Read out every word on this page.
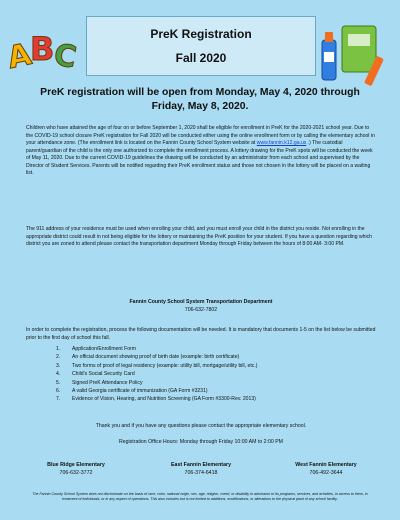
A
B
C
PreK Registration
Fall 2020
PreK registration will be open from Monday, May 4, 2020 through Friday, May 8, 2020.

Children who have attained the age of four on or before September 1, 2020 shall be eligible for enrollment in PreK for the 2020-2021 school year. Due to the COVID-19 school closure PreK registration for Fall 2020 will be conducted either using the online enrollment form or by calling the elementary school in your attendance zone. (The enrollment link is located on the Fannin County School System website at www.fannin.k12.ga.us .) The custodial parent/guardian of the child is the only one authorized to complete the enrollment process. A lottery drawing for the PreK spots will be conducted the week of May 11, 2020. Due to the current COVID-19 guidelines the drawing will be conducted by an administrator from each school and supervised by the Director of Student Services. Parents will be notified regarding their PreK enrollment status and those not chosen in the lottery will be placed on a waiting list.

The 911 address of your residence must be used when enrolling your child, and you must enroll your child in the district you reside. Not enrolling in the appropriate district could result in not being eligible for the lottery or maintaining the PreK position for your student. If you have a question regarding which district you are zoned to attend please contact the transportation department Monday through Friday between the hours of 8:00 AM- 3:00 PM.

Fannin County School System Transportation Department
706-632-7802

In order to complete the registration, process the following documentation will be needed. It is mandatory that documents 1-5 on the list below be submitted prior to the first day of school this fall.

1.	Application/Enrollment Form
2.	An official document showing proof of birth date (example: birth certificate)
3.	Two forms of proof of legal residency (example: utility bill, mortgage/utility bill, etc.)
4.	Child's Social Security Card
5.	Signed PreK Attendance Policy
6.	A valid Georgia certificate of immunization (GA Form #3231)
7.	Evidence of Vision, Hearing, and Nutrition Screening (GA Form #3300-Rev. 2013)
Thank you and if you have any questions please contact the appropriate elementary school.
Registration Office Hours: Monday through Friday 10:00 AM to 2:00 PM
Blue Ridge Elementary
706-632-3772
East Fannin Elementary
706-374-6418
West Fannin Elementary
706-492-3644

The Fannin County School System does not discriminate on the basis of race, color, national origin, sex, age, religion, creed, or disability in admission to its programs, services, and activities, in access to them, in treatment of individuals, or in any aspect of operations. This also includes but is not limited to additions, modifications, or alterations to the physical plant of any school facility.
